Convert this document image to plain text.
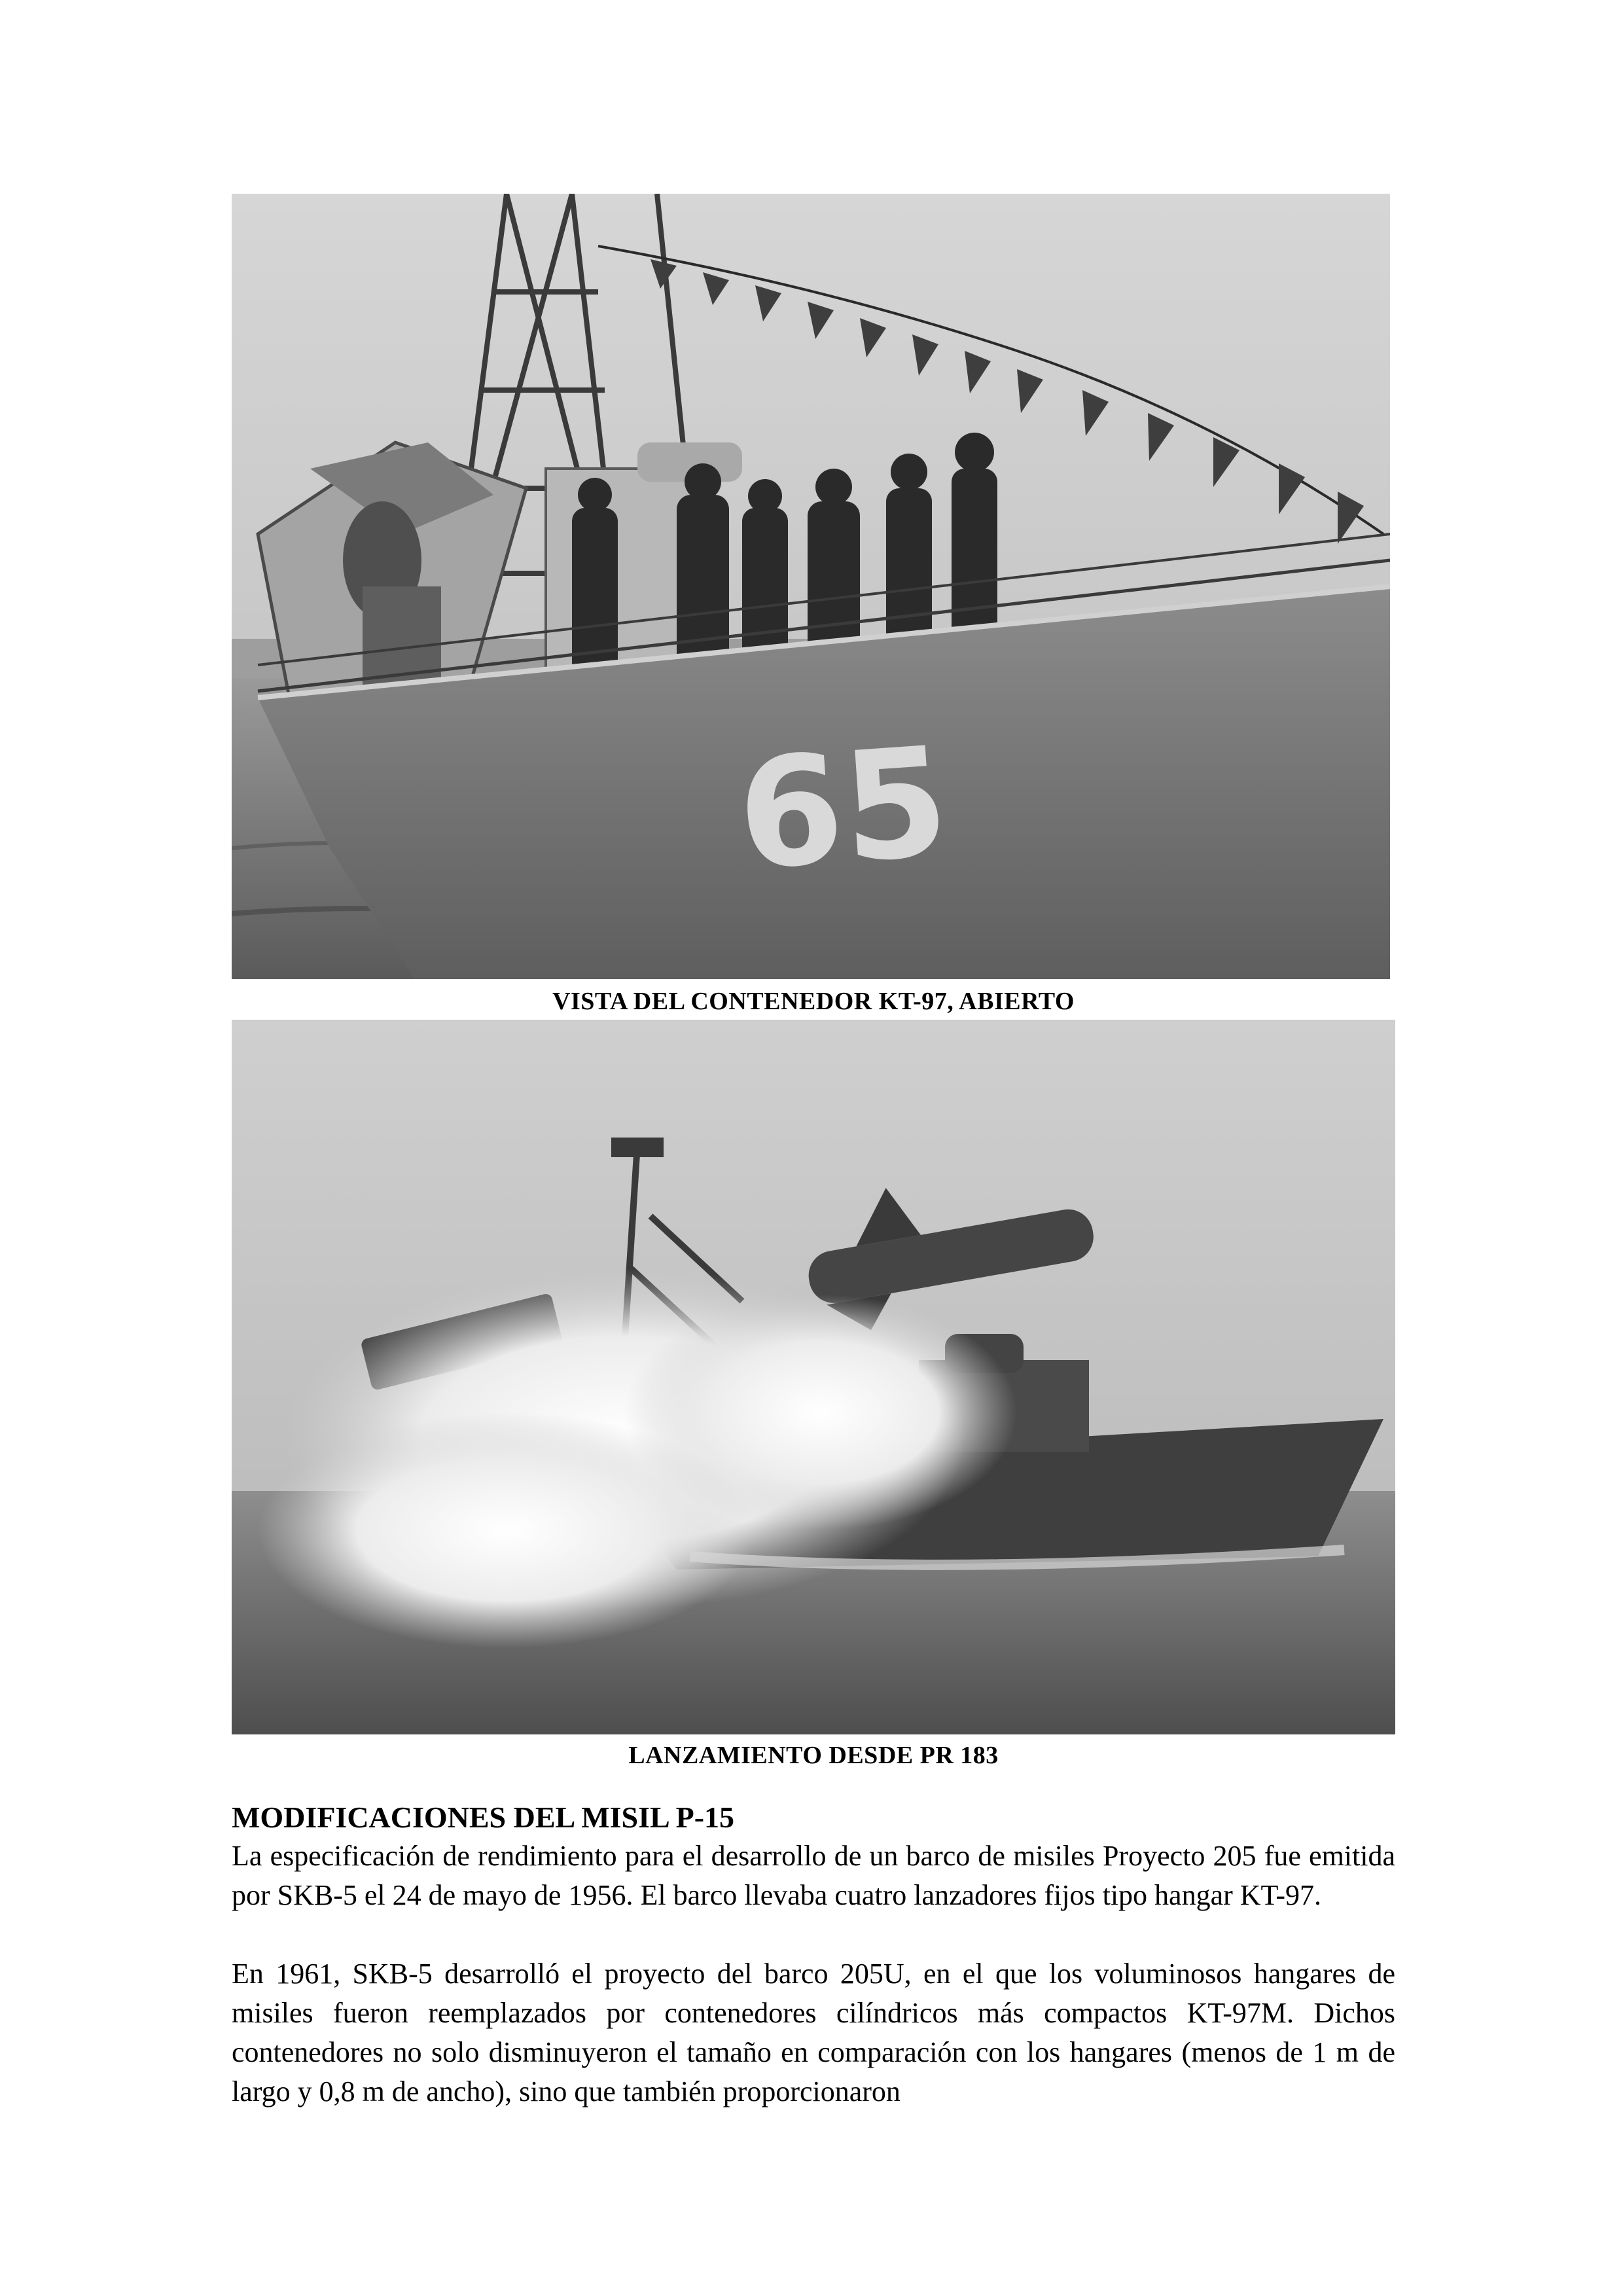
65
VISTA DEL CONTENEDOR KT-97, ABIERTO
LANZAMIENTO DESDE PR 183
MODIFICACIONES DEL MISIL P-15

La especificación de rendimiento para el desarrollo de un barco de misiles Proyecto 205 fue emitida por SKB-5 el 24 de mayo de 1956. El barco llevaba cuatro lanzadores fijos tipo hangar KT-97.

En 1961, SKB-5 desarrolló el proyecto del barco 205U, en el que los voluminosos hangares de misiles fueron reemplazados por contenedores cilíndricos más compactos KT-97M. Dichos contenedores no solo disminuyeron el tamaño en comparación con los hangares (menos de 1 m de largo y 0,8 m de ancho), sino que también proporcionaron
